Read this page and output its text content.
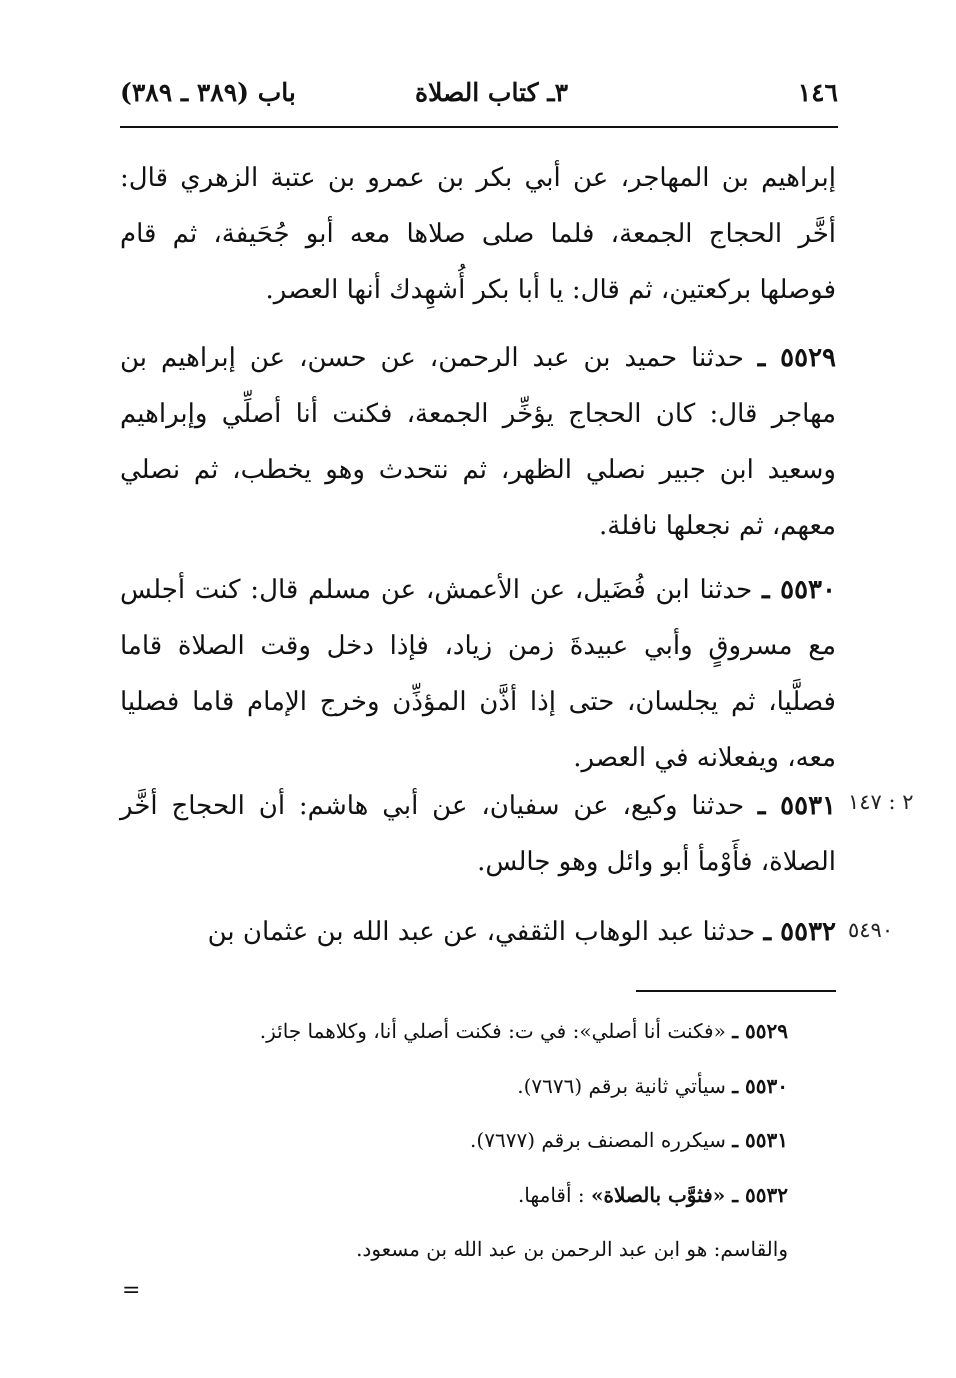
١٤٦
٣ـ كتاب الصلاة
باب (٣٨٩ ـ ٣٨٩)
إبراهيم بن المهاجر، عن أبي بكر بن عمرو بن عتبة الزهري قال: أخَّر الحجاج الجمعة، فلما صلى صلاها معه أبو جُحَيفة، ثم قام فوصلها بركعتين، ثم قال: يا أبا بكر أُشهِدك أنها العصر.
٥٥٢٩ ـ حدثنا حميد بن عبد الرحمن، عن حسن، عن إبراهيم بن مهاجر قال: كان الحجاج يؤخِّر الجمعة، فكنت أنا أصلِّي وإبراهيم وسعيد ابن جبير نصلي الظهر، ثم نتحدث وهو يخطب، ثم نصلي معهم، ثم نجعلها نافلة.
٥٥٣٠ ـ حدثنا ابن فُضَيل، عن الأعمش، عن مسلم قال: كنت أجلس مع مسروقٍ وأبي عبيدةَ زمن زياد، فإذا دخل وقت الصلاة قاما فصلَّيا، ثم يجلسان، حتى إذا أذَّن المؤذِّن وخرج الإمام قاما فصليا معه، ويفعلانه في العصر.
٢ : ١٤٧
٥٥٣١ ـ حدثنا وكيع، عن سفيان، عن أبي هاشم: أن الحجاج أخَّر الصلاة، فأَوْمأ أبو وائل وهو جالس.
٥٤٩٠
٥٥٣٢ ـ حدثنا عبد الوهاب الثقفي، عن عبد الله بن عثمان بن
٥٥٢٩ ـ «فكنت أنا أصلي»: في ت: فكنت أصلي أنا، وكلاهما جائز.
٥٥٣٠ ـ سيأتي ثانية برقم (٧٦٧٦).
٥٥٣١ ـ سيكرره المصنف برقم (٧٦٧٧).
٥٥٣٢ ـ «فثوَّب بالصلاة» : أقامها.
والقاسم: هو ابن عبد الرحمن بن عبد الله بن مسعود.
=
